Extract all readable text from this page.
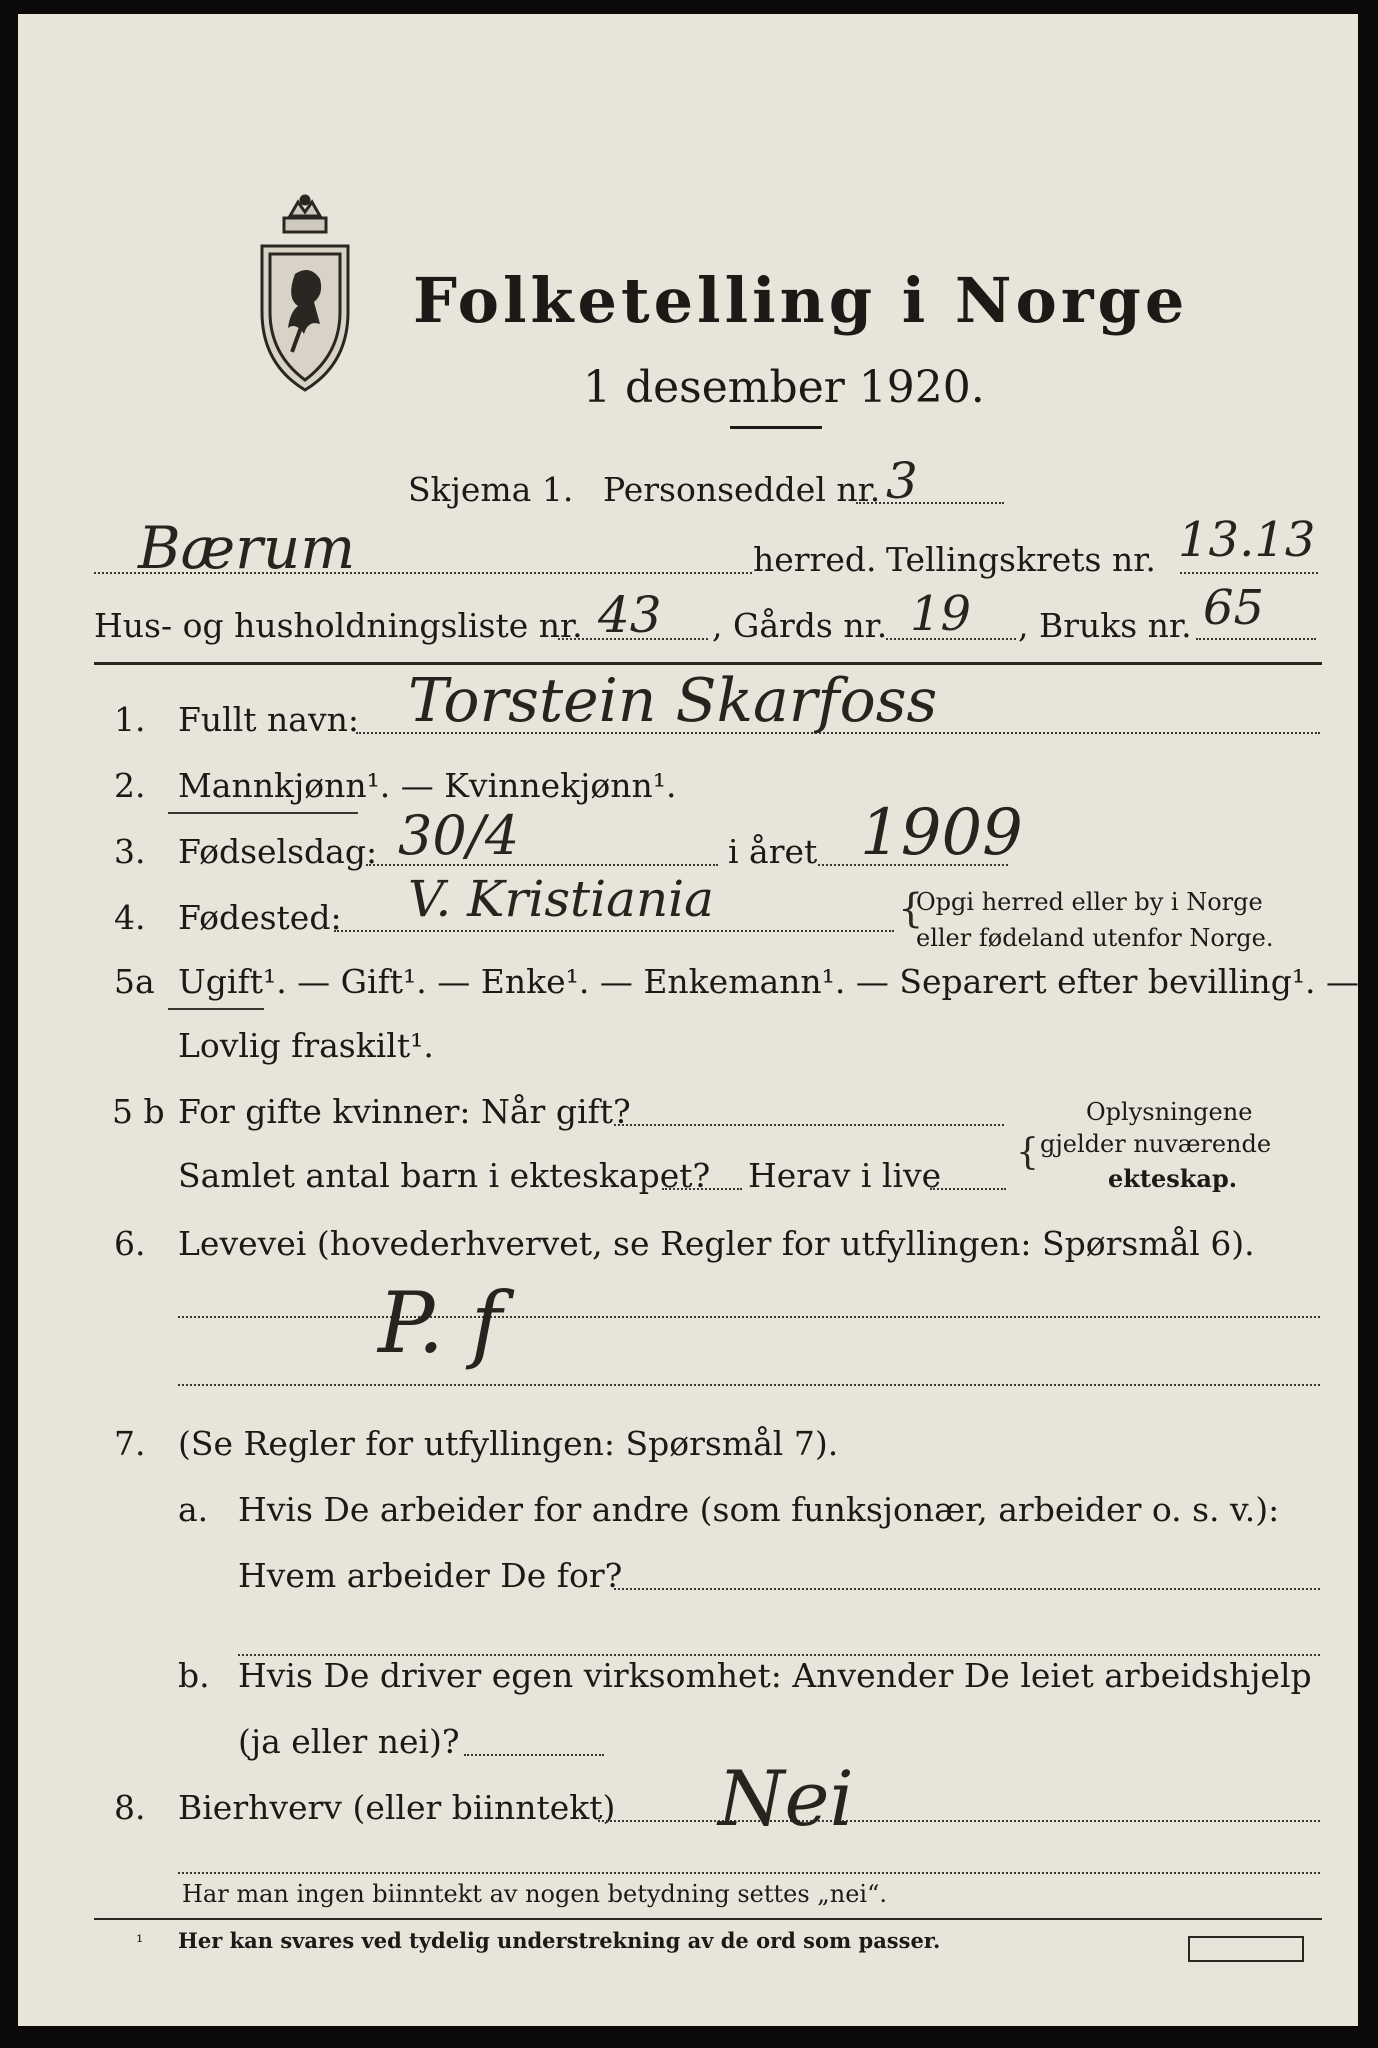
Folketelling i Norge
1 desember 1920.
Skjema 1. Personseddel nr. 3
Bærum	herred. Tellingskrets nr. 13.13
Hus- og husholdningsliste nr. 43 , Gårds nr. 19 , Bruks nr. 65
1. Fullt navn: Torstein Skarfoss
2. Mannkjønn¹. — Kvinnekjønn¹.
3. Fødselsdag: 30/4	i året 1909
4. Fødested: V. Kristiania	{
Opgi herred eller by i Norge
eller fødeland utenfor Norge.
5a Ugift¹. — Gift¹. — Enke¹. — Enkemann¹. — Separert efter bevilling¹. —
Lovlig fraskilt¹.
5 b For gifte kvinner: Når gift?
Samlet antal barn i ekteskapet? Herav i live
{
Oplysningene
gjelder nuværende
ekteskap.
6. Levevei (hovederhvervet, se Regler for utfyllingen: Spørsmål 6).
P. f
7. (Se Regler for utfyllingen: Spørsmål 7).
a. Hvis De arbeider for andre (som funksjonær, arbeider o. s. v.):
Hvem arbeider De for?
b. Hvis De driver egen virksomhet: Anvender De leiet arbeidshjelp
(ja eller nei)?
8. Bierhverv (eller biinntekt) Nei
Har man ingen biinntekt av nogen betydning settes „nei“.
¹ Her kan svares ved tydelig understrekning av de ord som passer.
